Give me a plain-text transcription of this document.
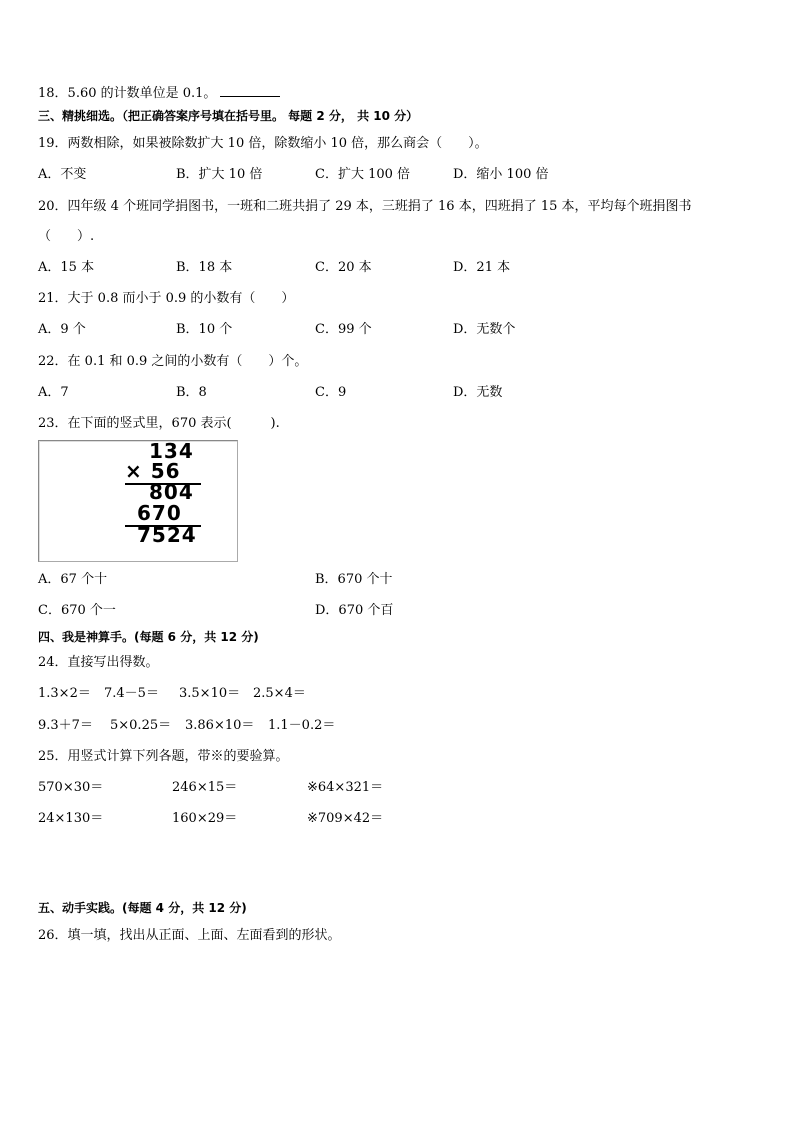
18．5.60 的计数单位是 0.1。
三、精挑细选。（把正确答案序号填在括号里。 每题 2 分， 共 10 分）
19．两数相除，如果被除数扩大 10 倍，除数缩小 10 倍，那么商会（　　）。
A．不变	B．扩大 10 倍	C．扩大 100 倍	D．缩小 100 倍
20．四年级 4 个班同学捐图书，一班和二班共捐了 29 本，三班捐了 16 本，四班捐了 15 本，平均每个班捐图书
（　　）.
A．15 本	B．18 本	C．20 本	D．21 本
21．大于 0.8 而小于 0.9 的小数有（　　）
A．9 个	B．10 个	C．99 个	D．无数个
22．在 0.1 和 0.9 之间的小数有（　　）个。
A．7	B．8	C．9	D．无数
23．在下面的竖式里，670 表示(　　　).
134
× 56
804
670
7524
A．67 个十	B．670 个十
C．670 个一	D．670 个百
四、我是神算手。(每题 6 分，共 12 分)
24．直接写出得数。
1.3×2＝ 7.4－5＝ 3.5×10＝ 2.5×4＝
9.3＋7＝ 5×0.25＝ 3.86×10＝ 1.1－0.2＝
25．用竖式计算下列各题，带※的要验算。
570×30＝	246×15＝	※64×321＝
24×130＝	160×29＝	※709×42＝
五、动手实践。(每题 4 分，共 12 分)
26．填一填，找出从正面、上面、左面看到的形状。
